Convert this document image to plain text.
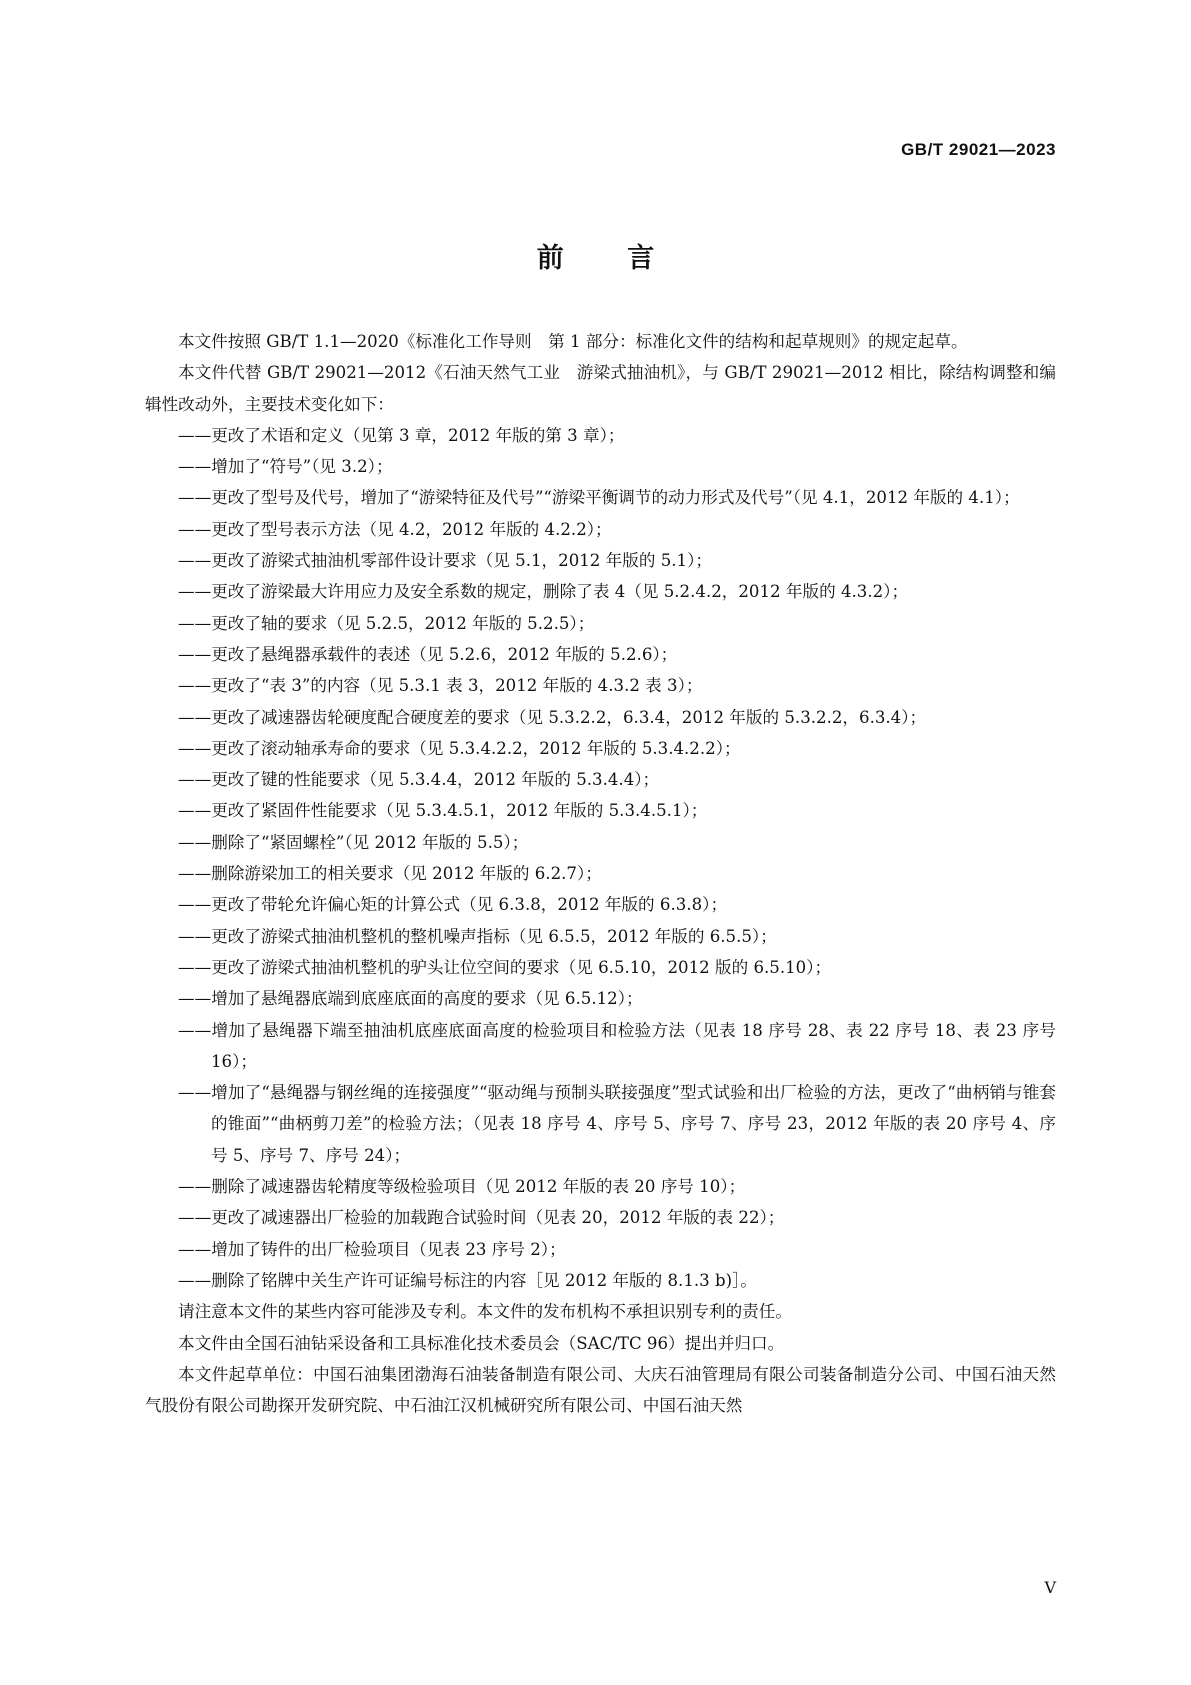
GB/T 29021—2023
前 言

本文件按照 GB/T 1.1—2020《标准化工作导则　第 1 部分：标准化文件的结构和起草规则》的规定起草。

本文件代替 GB/T 29021—2012《石油天然气工业　游梁式抽油机》，与 GB/T 29021—2012 相比，除结构调整和编辑性改动外，主要技术变化如下：

——更改了术语和定义（见第 3 章，2012 年版的第 3 章）；

——增加了“符号”（见 3.2）；

——更改了型号及代号，增加了“游梁特征及代号”“游梁平衡调节的动力形式及代号”（见 4.1，2012 年版的 4.1）；

——更改了型号表示方法（见 4.2，2012 年版的 4.2.2）；

——更改了游梁式抽油机零部件设计要求（见 5.1，2012 年版的 5.1）；

——更改了游梁最大许用应力及安全系数的规定，删除了表 4（见 5.2.4.2，2012 年版的 4.3.2）；

——更改了轴的要求（见 5.2.5，2012 年版的 5.2.5）；

——更改了悬绳器承载件的表述（见 5.2.6，2012 年版的 5.2.6）；

——更改了“表 3”的内容（见 5.3.1 表 3，2012 年版的 4.3.2 表 3）；

——更改了减速器齿轮硬度配合硬度差的要求（见 5.3.2.2，6.3.4，2012 年版的 5.3.2.2，6.3.4）；

——更改了滚动轴承寿命的要求（见 5.3.4.2.2，2012 年版的 5.3.4.2.2）；

——更改了键的性能要求（见 5.3.4.4，2012 年版的 5.3.4.4）；

——更改了紧固件性能要求（见 5.3.4.5.1，2012 年版的 5.3.4.5.1）；

——删除了“紧固螺栓”（见 2012 年版的 5.5）；

——删除游梁加工的相关要求（见 2012 年版的 6.2.7）；

——更改了带轮允许偏心矩的计算公式（见 6.3.8，2012 年版的 6.3.8）；

——更改了游梁式抽油机整机的整机噪声指标（见 6.5.5，2012 年版的 6.5.5）；

——更改了游梁式抽油机整机的驴头让位空间的要求（见 6.5.10，2012 版的 6.5.10）；

——增加了悬绳器底端到底座底面的高度的要求（见 6.5.12）；

——增加了悬绳器下端至抽油机底座底面高度的检验项目和检验方法（见表 18 序号 28、表 22 序号 18、表 23 序号 16）；

——增加了“悬绳器与钢丝绳的连接强度”“驱动绳与预制头联接强度”型式试验和出厂检验的方法，更改了“曲柄销与锥套的锥面”“曲柄剪刀差”的检验方法；（见表 18 序号 4、序号 5、序号 7、序号 23，2012 年版的表 20 序号 4、序号 5、序号 7、序号 24）；

——删除了减速器齿轮精度等级检验项目（见 2012 年版的表 20 序号 10）；

——更改了减速器出厂检验的加载跑合试验时间（见表 20，2012 年版的表 22）；

——增加了铸件的出厂检验项目（见表 23 序号 2）；

——删除了铭牌中关生产许可证编号标注的内容［见 2012 年版的 8.1.3 b)］。

请注意本文件的某些内容可能涉及专利。本文件的发布机构不承担识别专利的责任。

本文件由全国石油钻采设备和工具标准化技术委员会（SAC/TC 96）提出并归口。

本文件起草单位：中国石油集团渤海石油装备制造有限公司、大庆石油管理局有限公司装备制造分公司、中国石油天然气股份有限公司勘探开发研究院、中石油江汉机械研究所有限公司、中国石油天然

V
